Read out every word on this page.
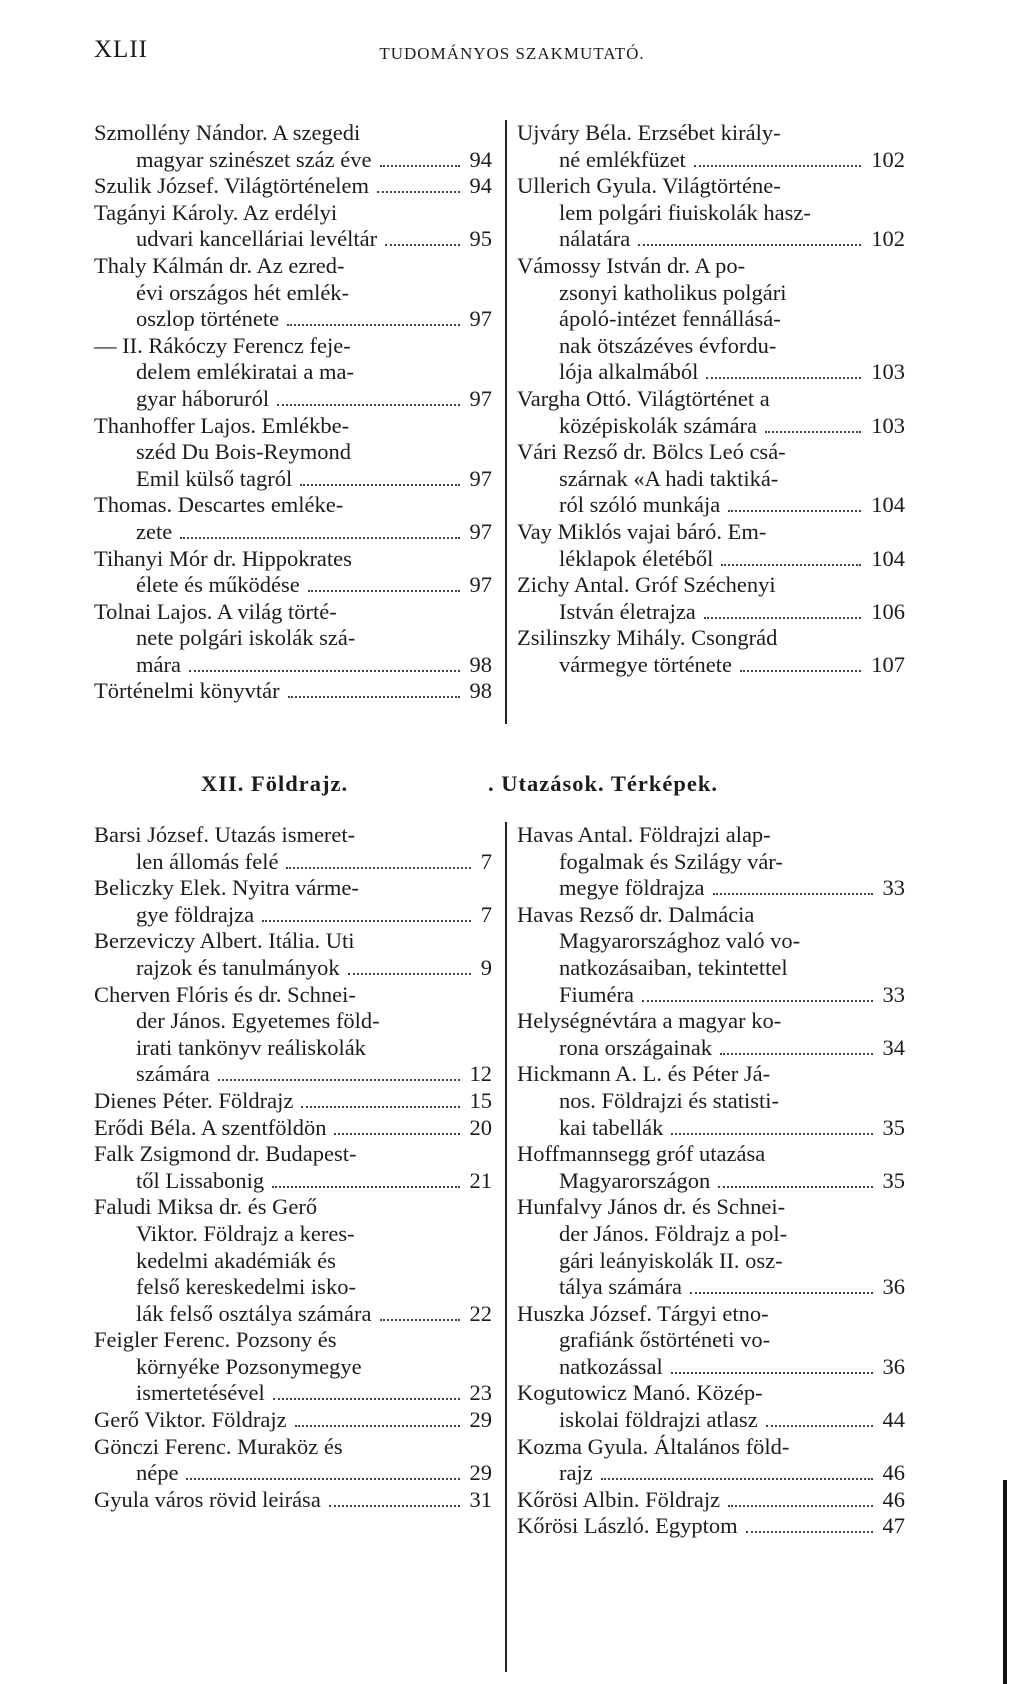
XLII	TUDOMÁNYOS SZAKMUTATÓ.
Szmollény Nándor. A szegedi
magyar szinészet száz éve	94
Szulik József. Világtörténelem	94
Tagányi Károly. Az erdélyi
udvari kancelláriai levéltár	95
Thaly Kálmán dr. Az ezred-
évi országos hét emlék-
oszlop története	97
— II. Rákóczy Ferencz feje-
delem emlékiratai a ma-
gyar háboruról	97
Thanhoffer Lajos. Emlékbe-
széd Du Bois-Reymond
Emil külső tagról	97
Thomas. Descartes emléke-
zete	97
Tihanyi Mór dr. Hippokrates
élete és működése	97
Tolnai Lajos. A világ törté-
nete polgári iskolák szá-
mára	98
Történelmi könyvtár	98
Ujváry Béla. Erzsébet király-
né emlékfüzet	102
Ullerich Gyula. Világtörténe-
lem polgári fiuiskolák hasz-
nálatára	102
Vámossy István dr. A po-
zsonyi katholikus polgári
ápoló-intézet fennállásá-
nak ötszázéves évfordu-
lója alkalmából	103
Vargha Ottó. Világtörténet a
középiskolák számára	103
Vári Rezső dr. Bölcs Leó csá-
szárnak «A hadi taktiká-
ról szóló munkája	104
Vay Miklós vajai báró. Em-
léklapok életéből	104
Zichy Antal. Gróf Széchenyi
István életrajza	106
Zsilinszky Mihály. Csongrád
vármegye története	107
XII. Földrajz.	. Utazások. Térképek.
Barsi József. Utazás ismeret-
len állomás felé	7
Beliczky Elek. Nyitra várme-
gye földrajza	7
Berzeviczy Albert. Itália. Uti
rajzok és tanulmányok	9
Cherven Flóris és dr. Schnei-
der János. Egyetemes föld-
irati tankönyv reáliskolák
számára	12
Dienes Péter. Földrajz	15
Erődi Béla. A szentföldön	20
Falk Zsigmond dr. Budapest-
től Lissabonig	21
Faludi Miksa dr. és Gerő
Viktor. Földrajz a keres-
kedelmi akadémiák és
felső kereskedelmi isko-
lák felső osztálya számára	22
Feigler Ferenc. Pozsony és
környéke Pozsonymegye
ismertetésével	23
Gerő Viktor. Földrajz	29
Gönczi Ferenc. Muraköz és
népe	29
Gyula város rövid leirása	31
Havas Antal. Földrajzi alap-
fogalmak és Szilágy vár-
megye földrajza	33
Havas Rezső dr. Dalmácia
Magyarországhoz való vo-
natkozásaiban, tekintettel
Fiuméra	33
Helységnévtára a magyar ko-
rona országainak	34
Hickmann A. L. és Péter Já-
nos. Földrajzi és statisti-
kai tabellák	35
Hoffmannsegg gróf utazása
Magyarországon	35
Hunfalvy János dr. és Schnei-
der János. Földrajz a pol-
gári leányiskolák II. osz-
tálya számára	36
Huszka József. Tárgyi etno-
grafiánk őstörténeti vo-
natkozással	36
Kogutowicz Manó. Közép-
iskolai földrajzi atlasz	44
Kozma Gyula. Általános föld-
rajz	46
Kőrösi Albin. Földrajz	46
Kőrösi László. Egyptom	47
